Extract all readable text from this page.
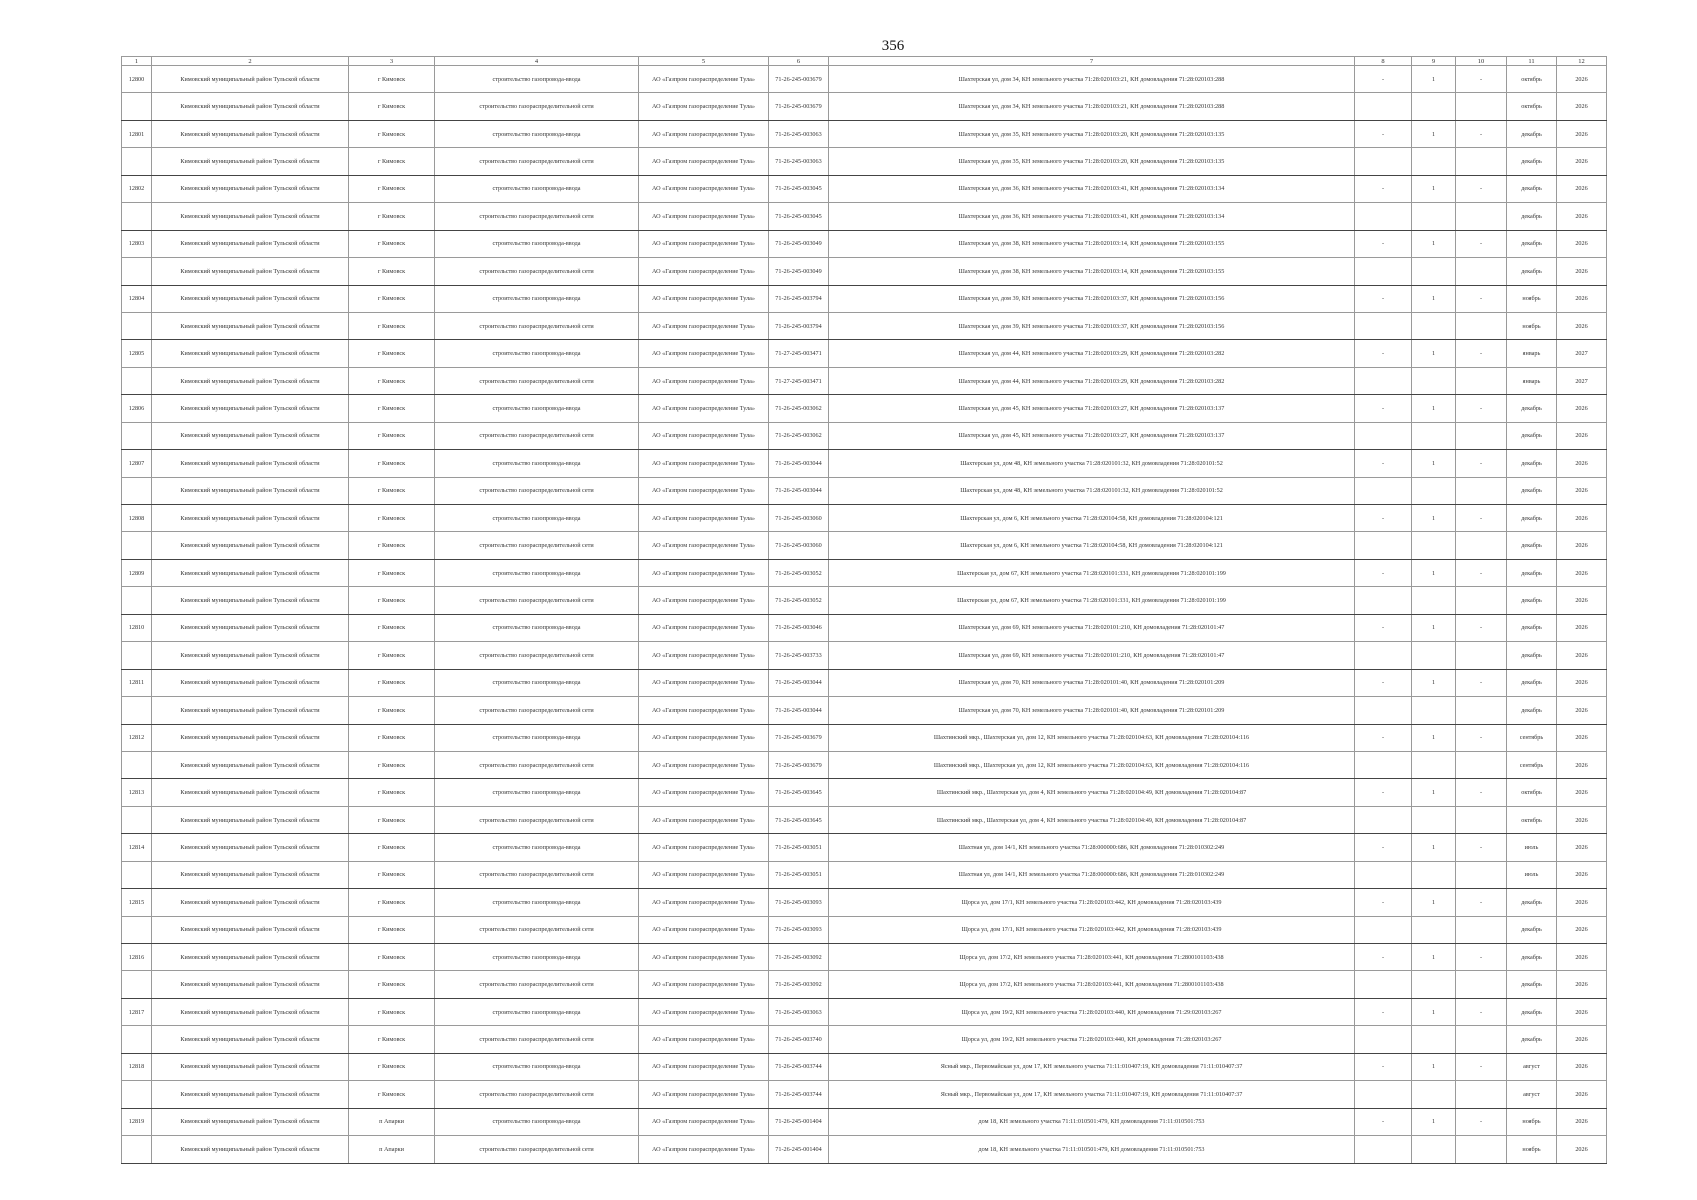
356
1	2	3	4	5	6	7	8	9	10	11	12
12800	Кимовский муниципальный район Тульской области	г Кимовск	строительство газопровода-ввода	АО «Газпром газораспределение Тула»	71-26-245-003679	Шахтерская ул, дом 34, КН земельного участка 71:28:020103:21, КН домовладения 71:28:020103:288	-	1	-	октябрь	2026
	Кимовский муниципальный район Тульской области	г Кимовск	строительство газораспределительной сети	АО «Газпром газораспределение Тула»	71-26-245-003679	Шахтерская ул, дом 34, КН земельного участка 71:28:020103:21, КН домовладения 71:28:020103:288				октябрь	2026
12801	Кимовский муниципальный район Тульской области	г Кимовск	строительство газопровода-ввода	АО «Газпром газораспределение Тула»	71-26-245-003063	Шахтерская ул, дом 35, КН земельного участка 71:28:020103:20, КН домовладения 71:28:020103:135	-	1	-	декабрь	2026
	Кимовский муниципальный район Тульской области	г Кимовск	строительство газораспределительной сети	АО «Газпром газораспределение Тула»	71-26-245-003063	Шахтерская ул, дом 35, КН земельного участка 71:28:020103:20, КН домовладения 71:28:020103:135				декабрь	2026
12802	Кимовский муниципальный район Тульской области	г Кимовск	строительство газопровода-ввода	АО «Газпром газораспределение Тула»	71-26-245-003045	Шахтерская ул, дом 36, КН земельного участка 71:28:020103:41, КН домовладения 71:28:020103:134	-	1	-	декабрь	2026
	Кимовский муниципальный район Тульской области	г Кимовск	строительство газораспределительной сети	АО «Газпром газораспределение Тула»	71-26-245-003045	Шахтерская ул, дом 36, КН земельного участка 71:28:020103:41, КН домовладения 71:28:020103:134				декабрь	2026
12803	Кимовский муниципальный район Тульской области	г Кимовск	строительство газопровода-ввода	АО «Газпром газораспределение Тула»	71-26-245-003049	Шахтерская ул, дом 38, КН земельного участка 71:28:020103:14, КН домовладения 71:28:020103:155	-	1	-	декабрь	2026
	Кимовский муниципальный район Тульской области	г Кимовск	строительство газораспределительной сети	АО «Газпром газораспределение Тула»	71-26-245-003049	Шахтерская ул, дом 38, КН земельного участка 71:28:020103:14, КН домовладения 71:28:020103:155				декабрь	2026
12804	Кимовский муниципальный район Тульской области	г Кимовск	строительство газопровода-ввода	АО «Газпром газораспределение Тула»	71-26-245-003794	Шахтерская ул, дом 39, КН земельного участка 71:28:020103:37, КН домовладения 71:28:020103:156	-	1	-	ноябрь	2026
	Кимовский муниципальный район Тульской области	г Кимовск	строительство газораспределительной сети	АО «Газпром газораспределение Тула»	71-26-245-003794	Шахтерская ул, дом 39, КН земельного участка 71:28:020103:37, КН домовладения 71:28:020103:156				ноябрь	2026
12805	Кимовский муниципальный район Тульской области	г Кимовск	строительство газопровода-ввода	АО «Газпром газораспределение Тула»	71-27-245-003471	Шахтерская ул, дом 44, КН земельного участка 71:28:020103:29, КН домовладения 71:28:020103:282	-	1	-	январь	2027
	Кимовский муниципальный район Тульской области	г Кимовск	строительство газораспределительной сети	АО «Газпром газораспределение Тула»	71-27-245-003471	Шахтерская ул, дом 44, КН земельного участка 71:28:020103:29, КН домовладения 71:28:020103:282				январь	2027
12806	Кимовский муниципальный район Тульской области	г Кимовск	строительство газопровода-ввода	АО «Газпром газораспределение Тула»	71-26-245-003062	Шахтерская ул, дом 45, КН земельного участка 71:28:020103:27, КН домовладения 71:28:020103:137	-	1	-	декабрь	2026
	Кимовский муниципальный район Тульской области	г Кимовск	строительство газораспределительной сети	АО «Газпром газораспределение Тула»	71-26-245-003062	Шахтерская ул, дом 45, КН земельного участка 71:28:020103:27, КН домовладения 71:28:020103:137				декабрь	2026
12807	Кимовский муниципальный район Тульской области	г Кимовск	строительство газопровода-ввода	АО «Газпром газораспределение Тула»	71-26-245-003044	Шахтерская ул, дом 48, КН земельного участка 71:28:020101:32, КН домовладения 71:28:020101:52	-	1	-	декабрь	2026
	Кимовский муниципальный район Тульской области	г Кимовск	строительство газораспределительной сети	АО «Газпром газораспределение Тула»	71-26-245-003044	Шахтерская ул, дом 48, КН земельного участка 71:28:020101:32, КН домовладения 71:28:020101:52				декабрь	2026
12808	Кимовский муниципальный район Тульской области	г Кимовск	строительство газопровода-ввода	АО «Газпром газораспределение Тула»	71-26-245-003060	Шахтерская ул, дом 6, КН земельного участка 71:28:020104:58, КН домовладения 71:28:020104:121	-	1	-	декабрь	2026
	Кимовский муниципальный район Тульской области	г Кимовск	строительство газораспределительной сети	АО «Газпром газораспределение Тула»	71-26-245-003060	Шахтерская ул, дом 6, КН земельного участка 71:28:020104:58, КН домовладения 71:28:020104:121				декабрь	2026
12809	Кимовский муниципальный район Тульской области	г Кимовск	строительство газопровода-ввода	АО «Газпром газораспределение Тула»	71-26-245-003052	Шахтерская ул, дом 67, КН земельного участка 71:28:020101:331, КН домовладения 71:28:020101:199	-	1	-	декабрь	2026
	Кимовский муниципальный район Тульской области	г Кимовск	строительство газораспределительной сети	АО «Газпром газораспределение Тула»	71-26-245-003052	Шахтерская ул, дом 67, КН земельного участка 71:28:020101:331, КН домовладения 71:28:020101:199				декабрь	2026
12810	Кимовский муниципальный район Тульской области	г Кимовск	строительство газопровода-ввода	АО «Газпром газораспределение Тула»	71-26-245-003046	Шахтерская ул, дом 69, КН земельного участка 71:28:020101:210, КН домовладения 71:28:020101:47	-	1	-	декабрь	2026
	Кимовский муниципальный район Тульской области	г Кимовск	строительство газораспределительной сети	АО «Газпром газораспределение Тула»	71-26-245-003733	Шахтерская ул, дом 69, КН земельного участка 71:28:020101:210, КН домовладения 71:28:020101:47				декабрь	2026
12811	Кимовский муниципальный район Тульской области	г Кимовск	строительство газопровода-ввода	АО «Газпром газораспределение Тула»	71-26-245-003044	Шахтерская ул, дом 70, КН земельного участка 71:28:020101:40, КН домовладения 71:28:020101:209	-	1	-	декабрь	2026
	Кимовский муниципальный район Тульской области	г Кимовск	строительство газораспределительной сети	АО «Газпром газораспределение Тула»	71-26-245-003044	Шахтерская ул, дом 70, КН земельного участка 71:28:020101:40, КН домовладения 71:28:020101:209				декабрь	2026
12812	Кимовский муниципальный район Тульской области	г Кимовск	строительство газопровода-ввода	АО «Газпром газораспределение Тула»	71-26-245-003679	Шахтинский мкр., Шахтерская ул, дом 12, КН земельного участка 71:28:020104:63, КН домовладения 71:28:020104:116	-	1	-	сентябрь	2026
	Кимовский муниципальный район Тульской области	г Кимовск	строительство газораспределительной сети	АО «Газпром газораспределение Тула»	71-26-245-003679	Шахтинский мкр., Шахтерская ул, дом 12, КН земельного участка 71:28:020104:63, КН домовладения 71:28:020104:116				сентябрь	2026
12813	Кимовский муниципальный район Тульской области	г Кимовск	строительство газопровода-ввода	АО «Газпром газораспределение Тула»	71-26-245-003645	Шахтинский мкр., Шахтерская ул, дом 4, КН земельного участка 71:28:020104:49, КН домовладения 71:28:020104:87	-	1	-	октябрь	2026
	Кимовский муниципальный район Тульской области	г Кимовск	строительство газораспределительной сети	АО «Газпром газораспределение Тула»	71-26-245-003645	Шахтинский мкр., Шахтерская ул, дом 4, КН земельного участка 71:28:020104:49, КН домовладения 71:28:020104:87				октябрь	2026
12814	Кимовский муниципальный район Тульской области	г Кимовск	строительство газопровода-ввода	АО «Газпром газораспределение Тула»	71-26-245-003051	Шахтная ул, дом 14/1, КН земельного участка 71:28:000000:686, КН домовладения 71:28:010302:249	-	1	-	июль	2026
	Кимовский муниципальный район Тульской области	г Кимовск	строительство газораспределительной сети	АО «Газпром газораспределение Тула»	71-26-245-003051	Шахтная ул, дом 14/1, КН земельного участка 71:28:000000:686, КН домовладения 71:28:010302:249				июль	2026
12815	Кимовский муниципальный район Тульской области	г Кимовск	строительство газопровода-ввода	АО «Газпром газораспределение Тула»	71-26-245-003093	Щорса ул, дом 17/1, КН земельного участка 71:28:020103:442, КН домовладения 71:28:020103:439	-	1	-	декабрь	2026
	Кимовский муниципальный район Тульской области	г Кимовск	строительство газораспределительной сети	АО «Газпром газораспределение Тула»	71-26-245-003093	Щорса ул, дом 17/1, КН земельного участка 71:28:020103:442, КН домовладения 71:28:020103:439				декабрь	2026
12816	Кимовский муниципальный район Тульской области	г Кимовск	строительство газопровода-ввода	АО «Газпром газораспределение Тула»	71-26-245-003092	Щорса ул, дом 17/2, КН земельного участка 71:28:020103:441, КН домовладения 71:2800101103:438	-	1	-	декабрь	2026
	Кимовский муниципальный район Тульской области	г Кимовск	строительство газораспределительной сети	АО «Газпром газораспределение Тула»	71-26-245-003092	Щорса ул, дом 17/2, КН земельного участка 71:28:020103:441, КН домовладения 71:2800101103:438				декабрь	2026
12817	Кимовский муниципальный район Тульской области	г Кимовск	строительство газопровода-ввода	АО «Газпром газораспределение Тула»	71-26-245-003063	Щорса ул, дом 19/2, КН земельного участка 71:28:020103:440, КН домовладения 71:29:020103:267	-	1	-	декабрь	2026
	Кимовский муниципальный район Тульской области	г Кимовск	строительство газораспределительной сети	АО «Газпром газораспределение Тула»	71-26-245-003740	Щорса ул, дом 19/2, КН земельного участка 71:28:020103:440, КН домовладения 71:28:020103:267				декабрь	2026
12818	Кимовский муниципальный район Тульской области	г Кимовск	строительство газопровода-ввода	АО «Газпром газораспределение Тула»	71-26-245-003744	Ясный мкр., Первомайская ул, дом 17, КН земельного участка 71:11:010407:19, КН домовладения 71:11:010407:37	-	1	-	август	2026
	Кимовский муниципальный район Тульской области	г Кимовск	строительство газораспределительной сети	АО «Газпром газораспределение Тула»	71-26-245-003744	Ясный мкр., Первомайская ул, дом 17, КН земельного участка 71:11:010407:19, КН домовладения 71:11:010407:37				август	2026
12819	Кимовский муниципальный район Тульской области	п Апарки	строительство газопровода-ввода	АО «Газпром газораспределение Тула»	71-26-245-001404	дом 18, КН земельного участка 71:11:010501:479, КН домовладения 71:11:010501:753	-	1	-	ноябрь	2026
	Кимовский муниципальный район Тульской области	п Апарки	строительство газораспределительной сети	АО «Газпром газораспределение Тула»	71-26-245-001404	дом 18, КН земельного участка 71:11:010501:479, КН домовладения 71:11:010501:753				ноябрь	2026
